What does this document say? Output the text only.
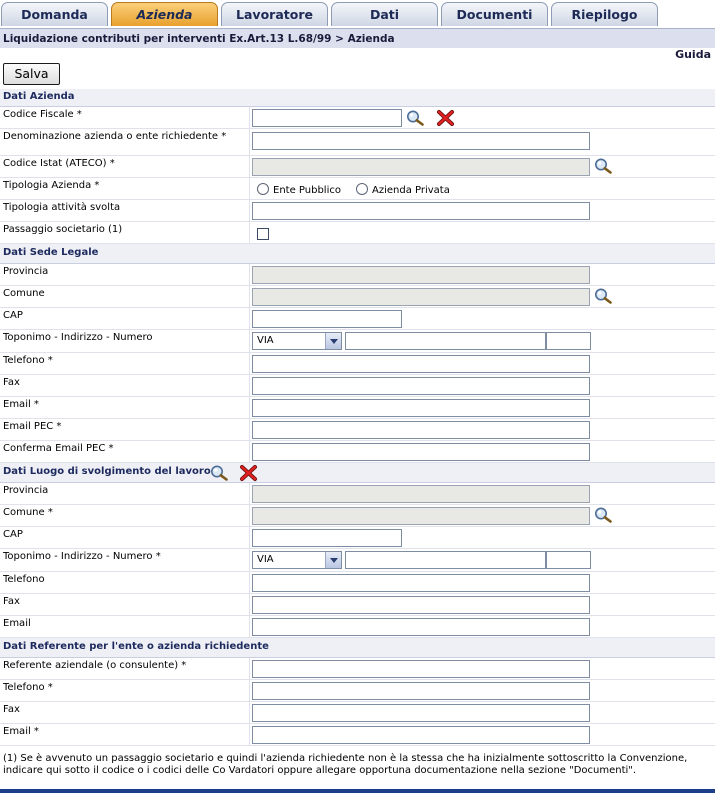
Domanda	Azienda	Lavoratore	Dati	Documenti	Riepilogo
Liquidazione contributi per interventi Ex.Art.13 L.68/99 > Azienda
Guida
Salva
Dati Azienda
Codice Fiscale *
Denominazione azienda o ente richiedente *
Codice Istat (ATECO) *
Tipologia Azienda *	Ente Pubblico	Azienda Privata
Tipologia attività svolta
Passaggio societario (1)
Dati Sede Legale
Provincia
Comune
CAP
Toponimo - Indirizzo - Numero	VIA
Telefono *
Fax
Email *
Email PEC *
Conferma Email PEC *
Dati Luogo di svolgimento del lavoro
Provincia
Comune *
CAP
Toponimo - Indirizzo - Numero *	VIA
Telefono
Fax
Email
Dati Referente per l'ente o azienda richiedente
Referente aziendale (o consulente) *
Telefono *
Fax
Email *
(1) Se è avvenuto un passaggio societario e quindi l'azienda richiedente non è la stessa che ha inizialmente sottoscritto la Convenzione, indicare qui sotto il codice o i codici delle Co Vardatori oppure allegare opportuna documentazione nella sezione "Documenti".
